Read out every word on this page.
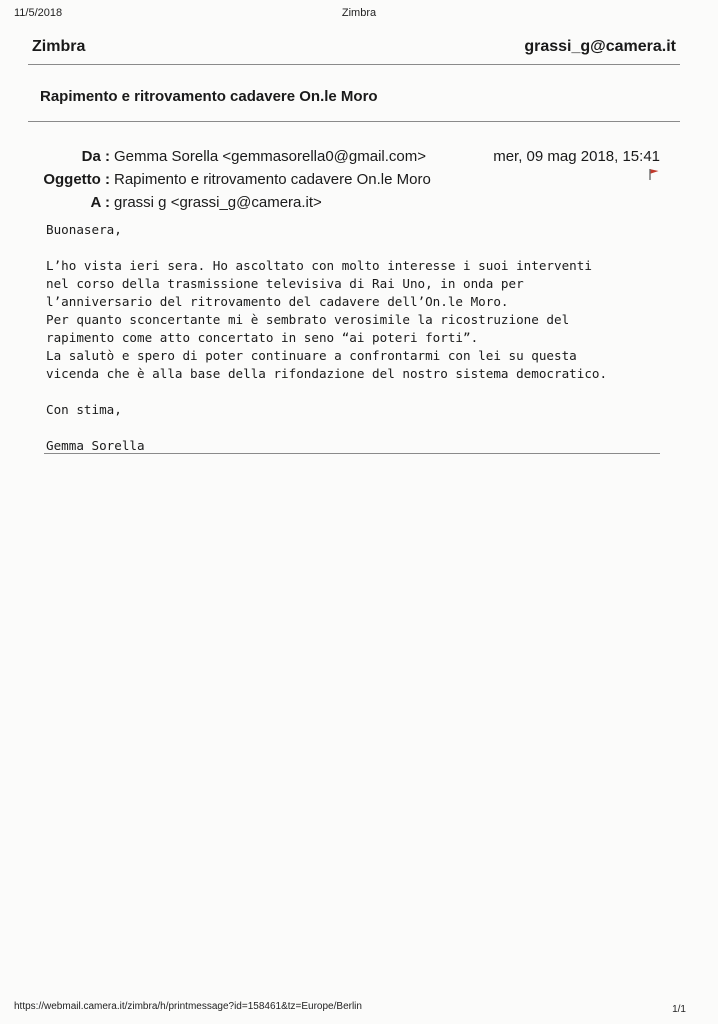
11/5/2018	Zimbra
Zimbra	grassi_g@camera.it
Rapimento e ritrovamento cadavere On.le Moro
Da : Gemma Sorella <gemmasorella0@gmail.com>	mer, 09 mag 2018, 15:41
Oggetto : Rapimento e ritrovamento cadavere On.le Moro
A : grassi g <grassi_g@camera.it>

Buonasera,

L’ho vista ieri sera. Ho ascoltato con molto interesse i suoi interventi

nel corso della trasmissione televisiva di Rai Uno, in onda per

l’anniversario del ritrovamento del cadavere dell’On.le Moro.

Per quanto sconcertante mi è sembrato verosimile la ricostruzione del

rapimento come atto concertato in seno “ai poteri forti”.

La salutò e spero di poter continuare a confrontarmi con lei su questa

vicenda che è alla base della rifondazione del nostro sistema democratico.

Con stima,

Gemma Sorella

https://webmail.camera.it/zimbra/h/printmessage?id=158461&tz=Europe/Berlin	1/1
